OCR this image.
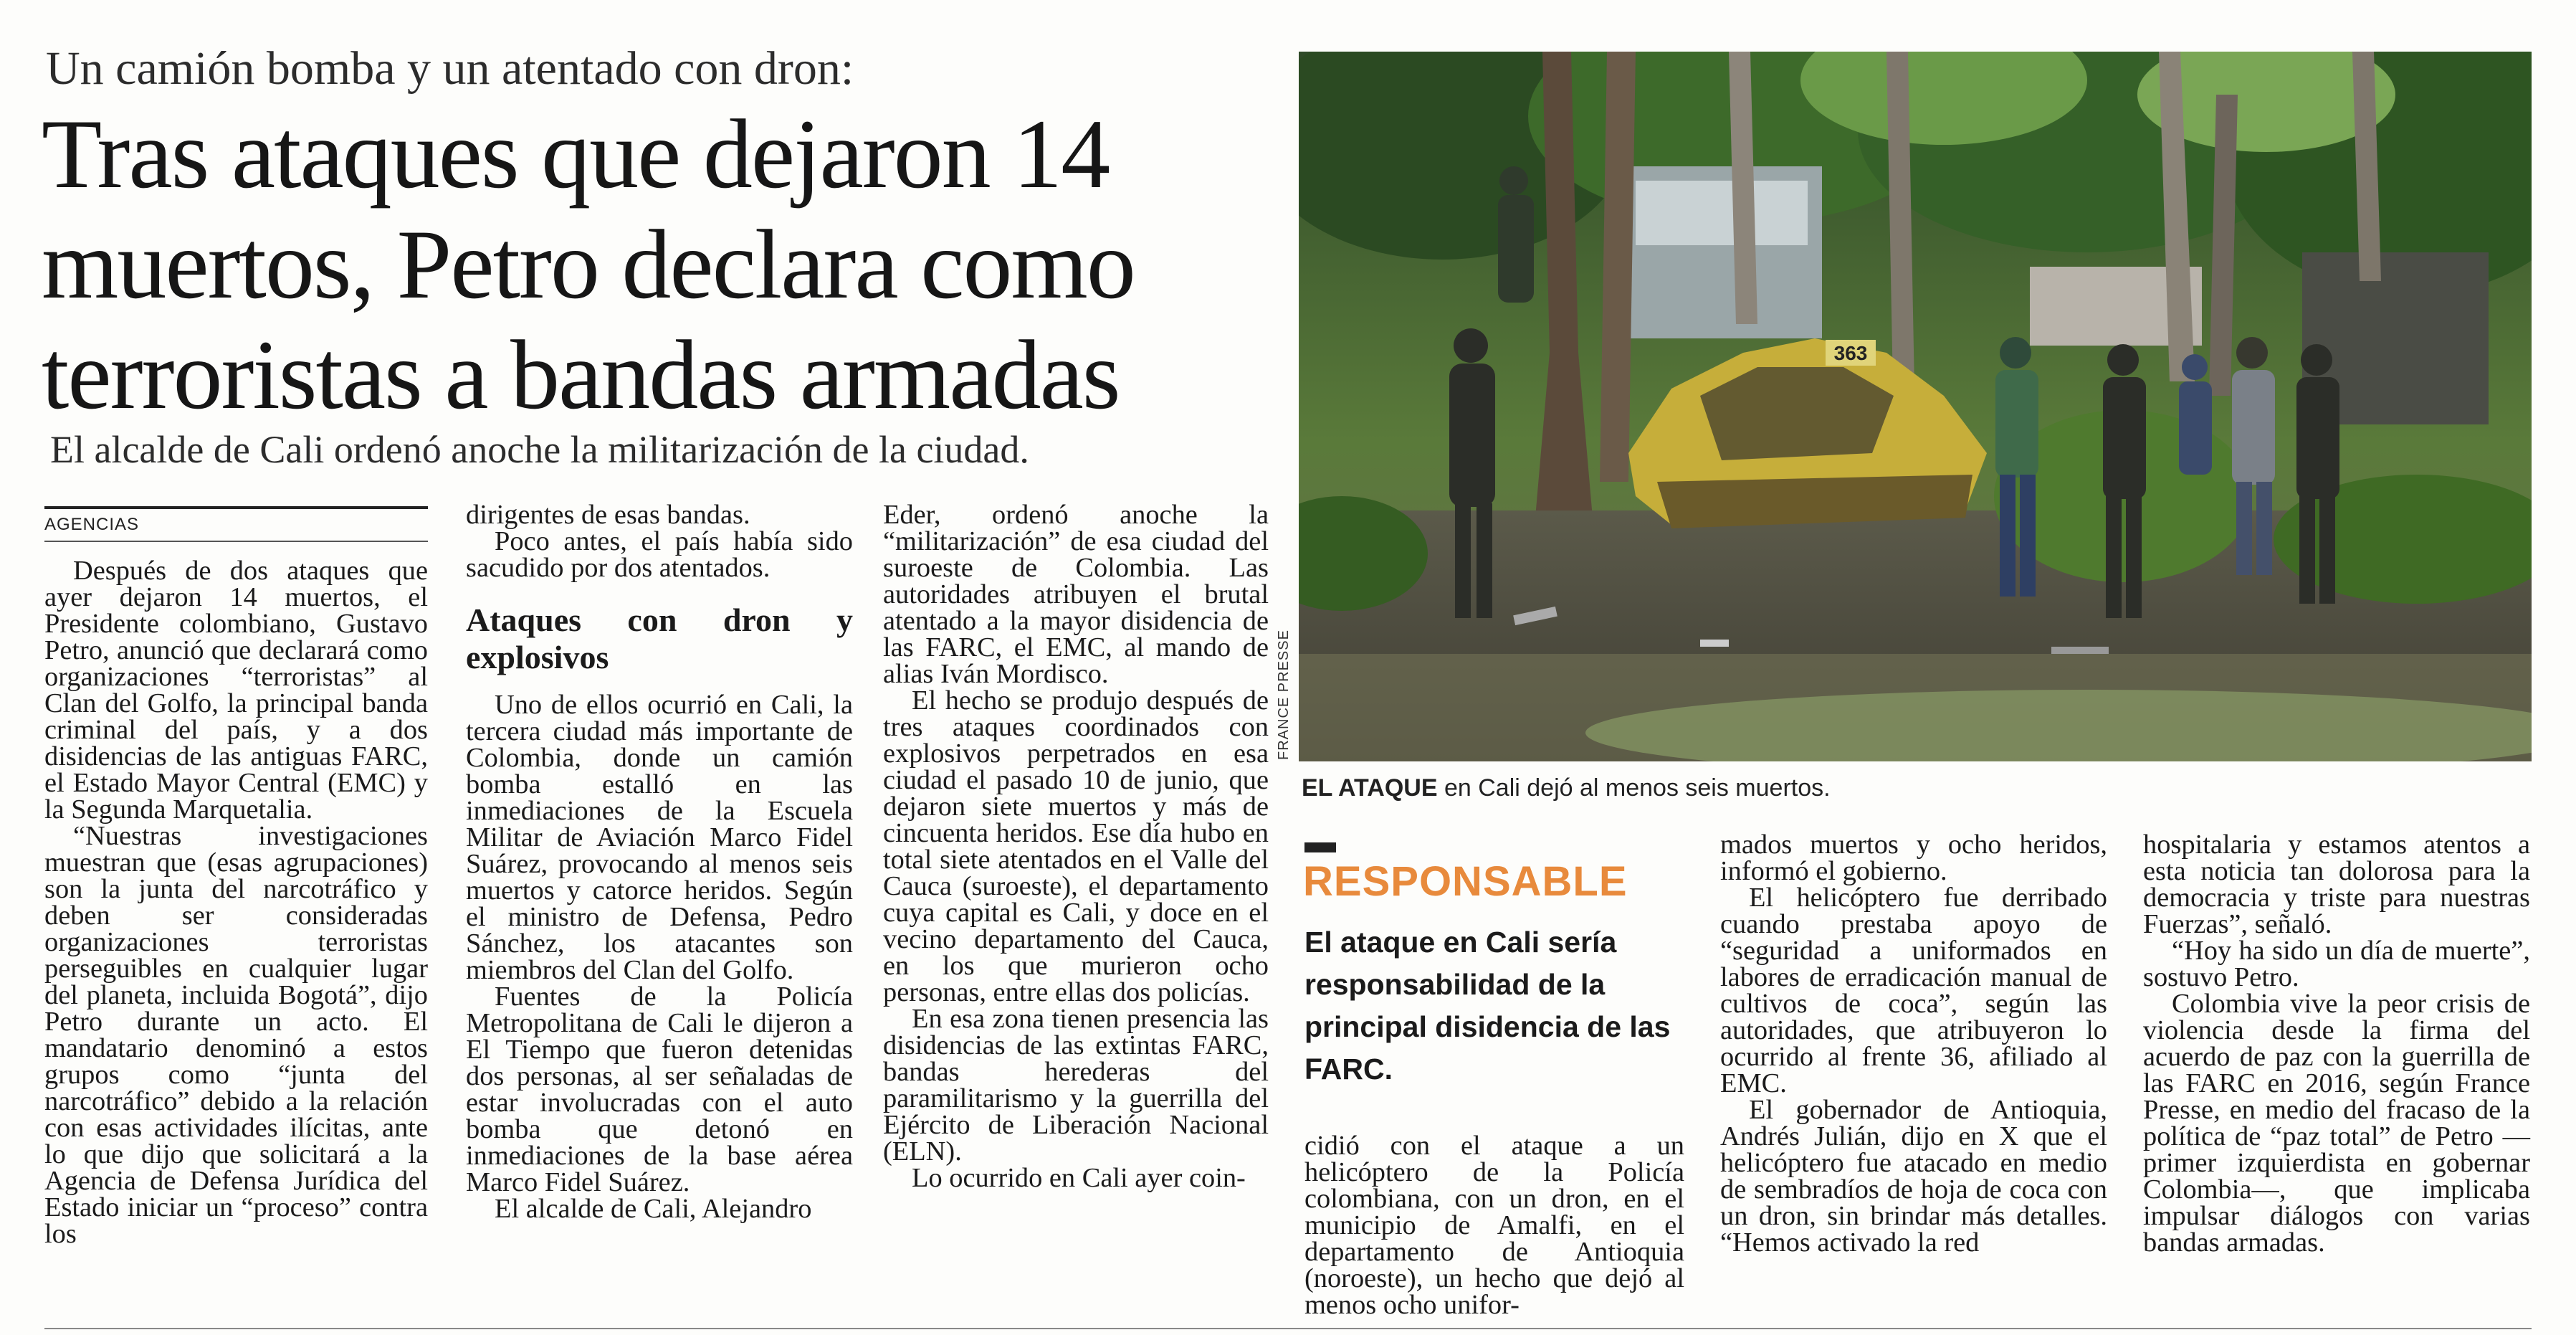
Un camión bomba y un atentado con dron:
Tras ataques que dejaron 14 muertos, Petro declara como terroristas a bandas armadas
El alcalde de Cali ordenó anoche la militarización de la ciudad.
AGENCIAS

Después de dos ataques que ayer dejaron 14 muertos, el Presidente colombiano, Gustavo Petro, anunció que declarará como organizaciones “terroristas” al Clan del Golfo, la principal banda criminal del país, y a dos disidencias de las antiguas FARC, el Estado Mayor Central (EMC) y la Segunda Marquetalia.

“Nuestras investigaciones muestran que (esas agrupaciones) son la junta del narcotráfico y deben ser consideradas organizaciones terroristas perseguibles en cualquier lugar del planeta, incluida Bogotá”, dijo Petro durante un acto. El mandatario denominó a estos grupos como “junta del narcotráfico” debido a la relación con esas actividades ilícitas, ante lo que dijo que solicitará a la Agencia de Defensa Jurídica del Estado iniciar un “proceso” contra los

dirigentes de esas bandas.

Poco antes, el país había sido sacudido por dos atentados.

Ataques con dron y explosivos

Uno de ellos ocurrió en Cali, la tercera ciudad más importante de Colombia, donde un camión bomba estalló en las inmediaciones de la Escuela Militar de Aviación Marco Fidel Suárez, provocando al menos seis muertos y catorce heridos. Según el ministro de Defensa, Pedro Sánchez, los atacantes son miembros del Clan del Golfo.

Fuentes de la Policía Metropolitana de Cali le dijeron a El Tiempo que fueron detenidas dos personas, al ser señaladas de estar involucradas con el auto bomba que detonó en inmediaciones de la base aérea Marco Fidel Suárez.

El alcalde de Cali, Alejandro

Eder, ordenó anoche la “militarización” de esa ciudad del suroeste de Colombia. Las autoridades atribuyen el brutal atentado a la mayor disidencia de las FARC, el EMC, al mando de alias Iván Mordisco.

El hecho se produjo después de tres ataques coordinados con explosivos perpetrados en esa ciudad el pasado 10 de junio, que dejaron siete muertos y más de cincuenta heridos. Ese día hubo en total siete atentados en el Valle del Cauca (suroeste), el departamento cuya capital es Cali, y doce en el vecino departamento del Cauca, en los que murieron ocho personas, entre ellas dos policías.

En esa zona tienen presencia las disidencias de las extintas FARC, bandas herederas del paramilitarismo y la guerrilla del Ejército de Liberación Nacional (ELN).

Lo ocurrido en Cali ayer coin-

363
FRANCE PRESSE
EL ATAQUE en Cali dejó al menos seis muertos.
RESPONSABLE
El ataque en Cali sería responsabilidad de la principal disidencia de las FARC.

cidió con el ataque a un helicóptero de la Policía colombiana, con un dron, en el municipio de Amalfi, en el departamento de Antioquia (noroeste), un hecho que dejó al menos ocho unifor-

mados muertos y ocho heridos, informó el gobierno.

El helicóptero fue derribado cuando prestaba apoyo de “seguridad a uniformados en labores de erradicación manual de cultivos de coca”, según las autoridades, que atribuyeron lo ocurrido al frente 36, afiliado al EMC.

El gobernador de Antioquia, Andrés Julián, dijo en X que el helicóptero fue atacado en medio de sembradíos de hoja de coca con un dron, sin brindar más detalles. “Hemos activado la red

hospitalaria y estamos atentos a esta noticia tan dolorosa para la democracia y triste para nuestras Fuerzas”, señaló.

“Hoy ha sido un día de muerte”, sostuvo Petro.

Colombia vive la peor crisis de violencia desde la firma del acuerdo de paz con la guerrilla de las FARC en 2016, según France Presse, en medio del fracaso de la política de “paz total” de Petro —primer izquierdista en gobernar Colombia—, que implicaba impulsar diálogos con varias bandas armadas.
